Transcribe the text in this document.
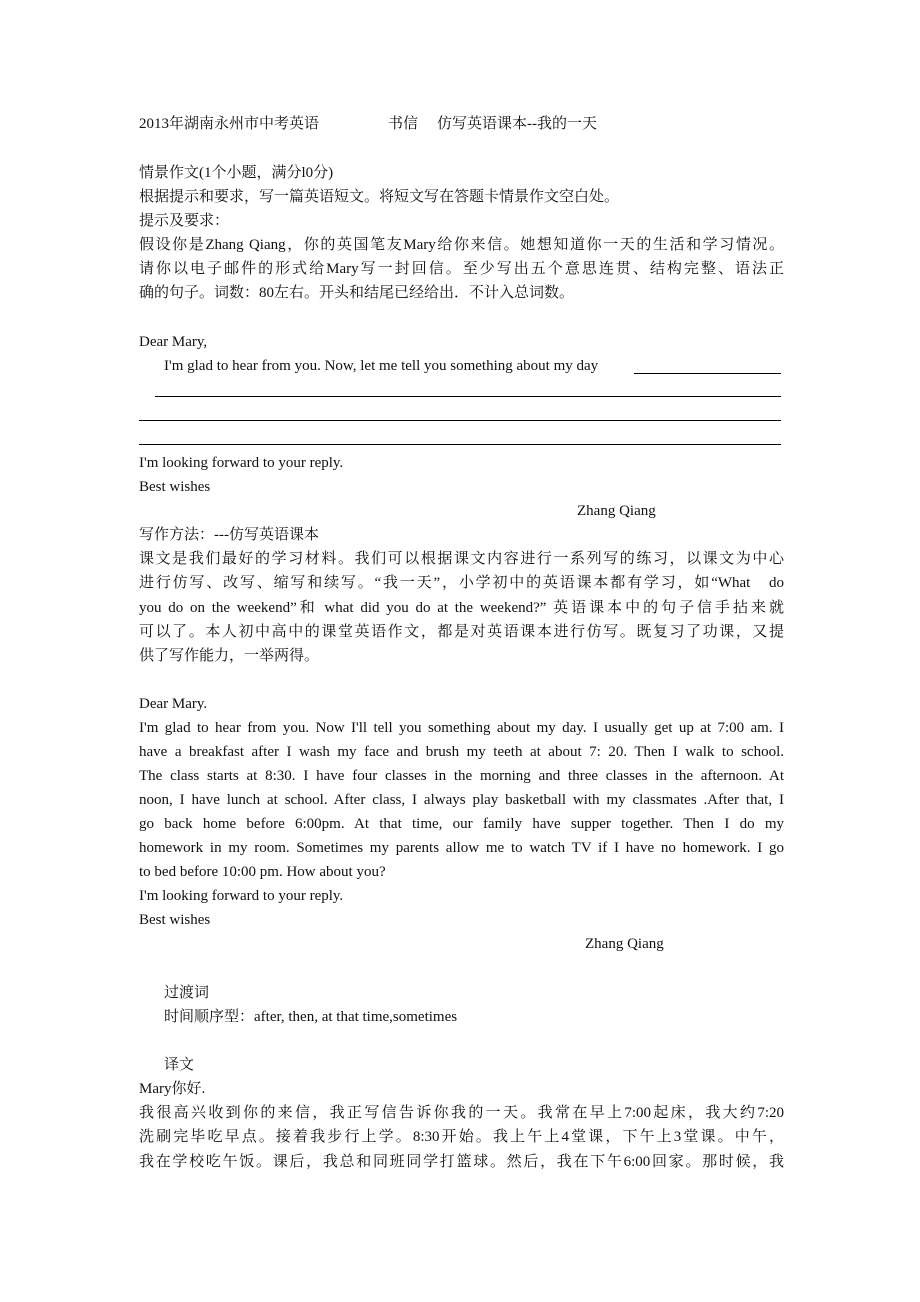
2013年湖南永州市中考英语	书信 仿写英语课本--我的一天
情景作文(1个小题，满分l0分)
根据提示和要求，写一篇英语短文。将短文写在答题卡情景作文空白处。
提示及要求：
假设你是Zhang Qiang，你的英国笔友Mary给你来信。她想知道你一天的生活和学习情况。
请你以电子邮件的形式给Mary写一封回信。至少写出五个意思连贯、结构完整、语法正
确的句子。词数：80左右。开头和结尾已经给出．不计入总词数。
Dear Mary,
I'm glad to hear from you. Now, let me tell you something about my day
I'm looking forward to your reply.
Best wishes
Zhang Qiang
写作方法：---仿写英语课本
课文是我们最好的学习材料。我们可以根据课文内容进行一系列写的练习，以课文为中心
进行仿写、改写、缩写和续写。“我一天”，小学初中的英语课本都有学习，如“What　do
you do on the weekend”和 what did you do at the weekend?” 英语课本中的句子信手拈来就
可以了。本人初中高中的课堂英语作文，都是对英语课本进行仿写。既复习了功课，又提
供了写作能力，一举两得。
Dear Mary.
I'm glad to hear from you. Now I'll tell you something about my day. I usually get up at 7:00 am. I
have a breakfast after I wash my face and brush my teeth at about 7: 20. Then I walk to school.
The class starts at 8:30. I have four classes in the morning and three classes in the afternoon. At
noon, I have lunch at school. After class, I always play basketball with my classmates .After that, I
go back home before 6:00pm. At that time, our family have supper together. Then I do my
homework in my room. Sometimes my parents allow me to watch TV if I have no homework. I go
to bed before 10:00 pm. How about you?
I'm looking forward to your reply.
Best wishes
Zhang Qiang
过渡词
时间顺序型：after, then, at that time,sometimes
译文
Mary你好.
我很高兴收到你的来信，我正写信告诉你我的一天。我常在早上7:00起床，我大约7:20
洗刷完毕吃早点。接着我步行上学。8:30开始。我上午上4堂课，下午上3堂课。中午，
我在学校吃午饭。课后，我总和同班同学打篮球。然后，我在下午6:00回家。那时候，我
